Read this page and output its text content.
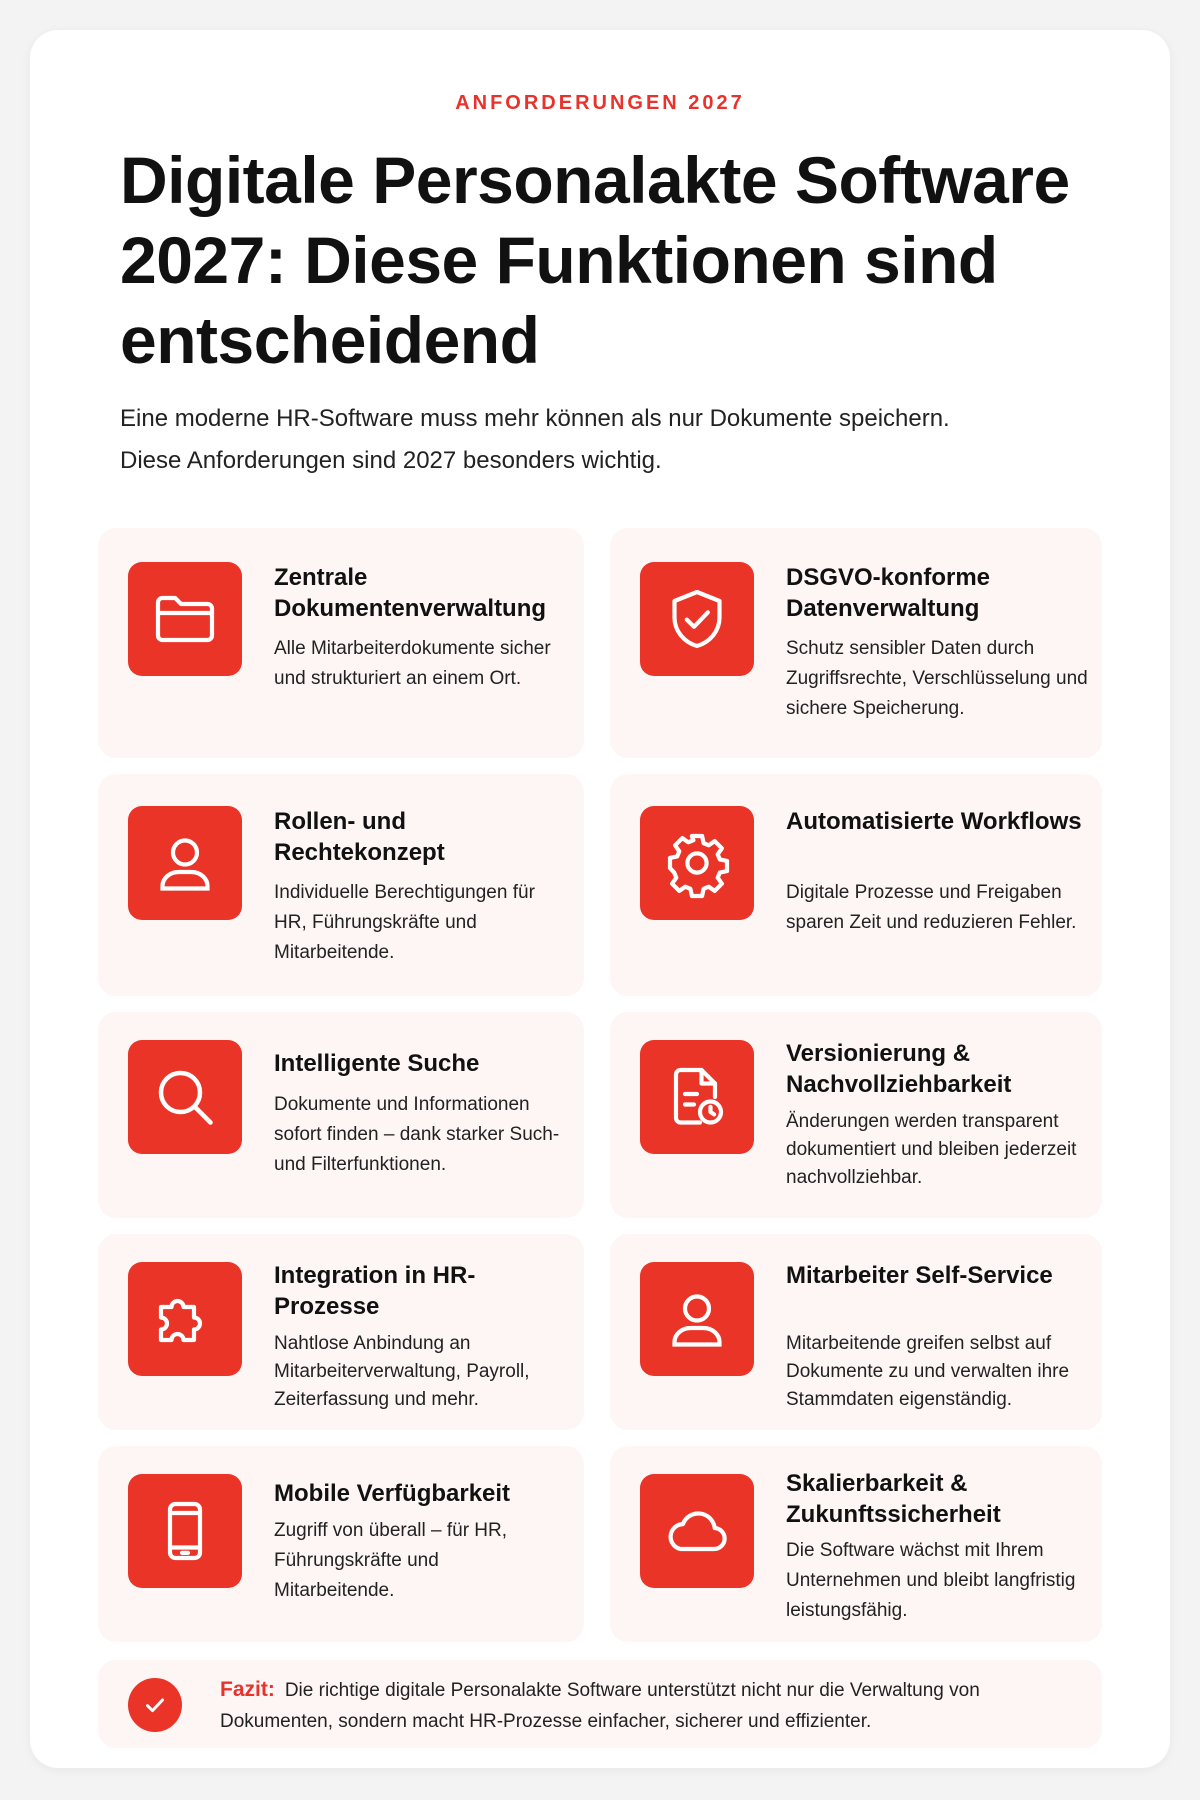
ANFORDERUNGEN 2027
Digitale Personalakte Software 2027: Diese Funktionen sind entscheidend

Eine moderne HR-Software muss mehr können als nur Dokumente speichern.
Diese Anforderungen sind 2027 besonders wichtig.

Zentrale Dokumentenverwaltung

Alle Mitarbeiterdokumente sicher und strukturiert an einem Ort.

DSGVO-konforme Datenverwaltung

Schutz sensibler Daten durch Zugriffsrechte, Verschlüsselung und sichere Speicherung.

Rollen- und Rechtekonzept

Individuelle Berechtigungen für HR, Führungskräfte und Mitarbeitende.

Automatisierte Workflows

Digitale Prozesse und Freigaben sparen Zeit und reduzieren Fehler.

Intelligente Suche

Dokumente und Informationen sofort finden – dank starker Such- und Filterfunktionen.

Versionierung & Nachvollziehbarkeit

Änderungen werden transparent dokumentiert und bleiben jederzeit nachvollziehbar.

Integration in HR-Prozesse

Nahtlose Anbindung an Mitarbeiterverwaltung, Payroll, Zeiterfassung und mehr.

Mitarbeiter Self-Service

Mitarbeitende greifen selbst auf Dokumente zu und verwalten ihre Stammdaten eigenständig.

Mobile Verfügbarkeit

Zugriff von überall – für HR, Führungskräfte und Mitarbeitende.

Skalierbarkeit & Zukunftssicherheit

Die Software wächst mit Ihrem Unternehmen und bleibt langfristig leistungsfähig.

Fazit: Die richtige digitale Personalakte Software unterstützt nicht nur die Verwaltung von Dokumenten, sondern macht HR-Prozesse einfacher, sicherer und effizienter.
